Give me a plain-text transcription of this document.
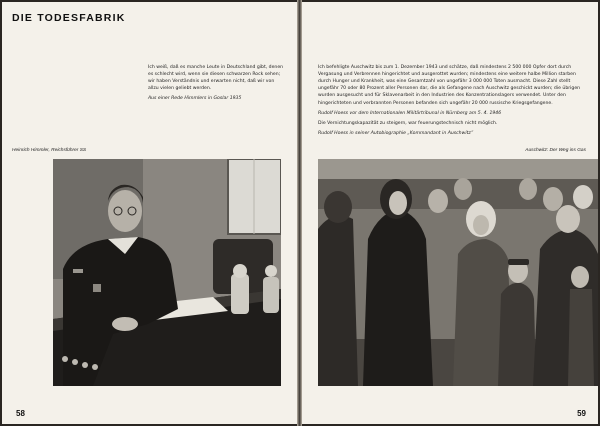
DIE TODESFABRIK
Ich weiß, daß es manche Leute in Deutschland gibt, denen es schlecht wird, wenn sie diesen schwarzen Rock sehen; wir haben Verständnis und erwarten nicht, daß wir von allzu vielen geliebt werden.
Aus einer Rede Himmlers in Goslar 1935
Heinrich Himmler, Reichsführer SS
58

Ich befehligte Auschwitz bis zum 1. Dezember 1943 und schätze, daß mindestens 2 500 000 Opfer dort durch Vergasung und Verbrennen hingerichtet und ausgerottet wurden; mindestens eine weitere halbe Million starben durch Hunger und Krankheit, was eine Gesamtzahl von ungefähr 3 000 000 Toten ausmacht. Diese Zahl stellt ungefähr 70 oder 80 Prozent aller Personen dar, die als Gefangene nach Auschwitz geschickt wurden; die übrigen wurden ausgesucht und für Sklavenarbeit in den Industrien des Konzentrationslagers verwendet. Unter den hingerichteten und verbrannten Personen befanden sich ungefähr 20 000 russische Kriegsgefangene.

Rudolf Hoess vor dem Internationalen Militärtribunal in Nürnberg am 5. 4. 1946

Die Vernichtungskapazität zu steigern, war feuerungstechnisch nicht möglich.

Rudolf Hoess in seiner Autobiographie „Kommandant in Auschwitz“

Auschwitz: Der Weg ins Gas
59
